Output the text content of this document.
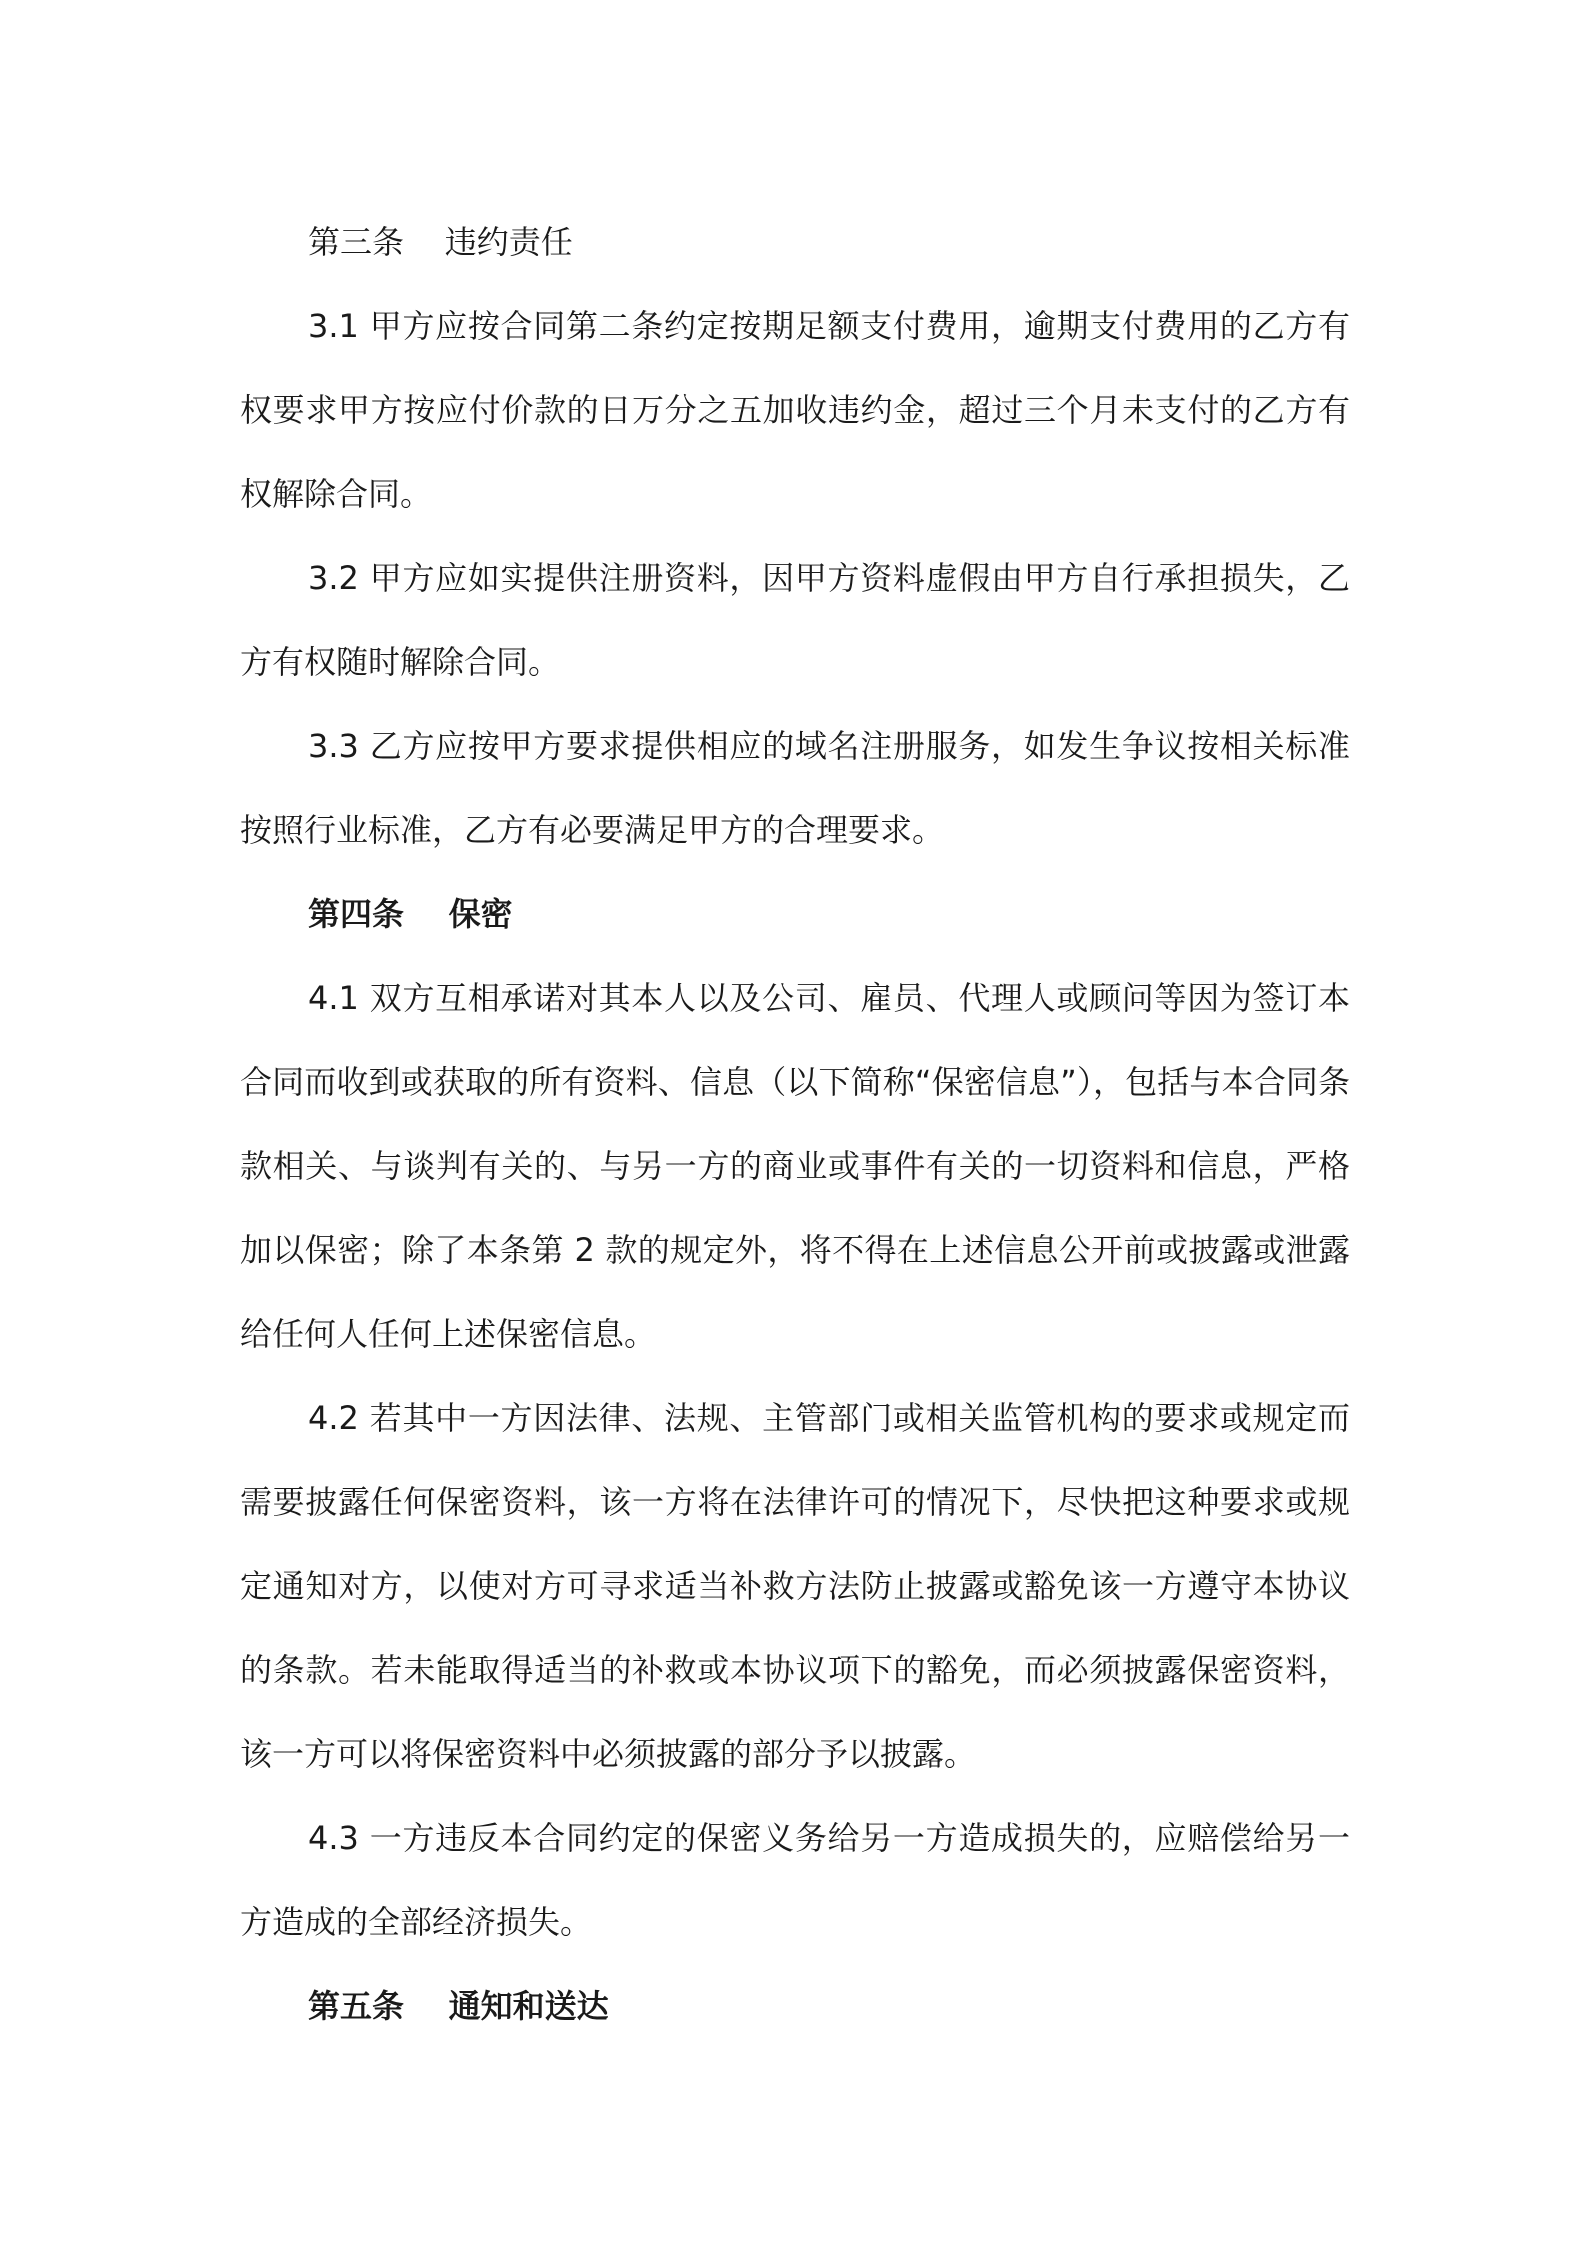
第三条    违约责任

3.1 甲方应按合同第二条约定按期足额支付费用，逾期支付费用的乙方有权要求甲方按应付价款的日万分之五加收违约金，超过三个月未支付的乙方有权解除合同。

3.2 甲方应如实提供注册资料，因甲方资料虚假由甲方自行承担损失，乙方有权随时解除合同。

3.3 乙方应按甲方要求提供相应的域名注册服务，如发生争议按相关标准按照行业标准，乙方有必要满足甲方的合理要求。

第四条    保密

4.1 双方互相承诺对其本人以及公司、雇员、代理人或顾问等因为签订本合同而收到或获取的所有资料、信息（以下简称“保密信息”），包括与本合同条款相关、与谈判有关的、与另一方的商业或事件有关的一切资料和信息，严格加以保密；除了本条第 2 款的规定外，将不得在上述信息公开前或披露或泄露给任何人任何上述保密信息。

4.2 若其中一方因法律、法规、主管部门或相关监管机构的要求或规定而需要披露任何保密资料，该一方将在法律许可的情况下，尽快把这种要求或规定通知对方，以使对方可寻求适当补救方法防止披露或豁免该一方遵守本协议的条款。若未能取得适当的补救或本协议项下的豁免，而必须披露保密资料，该一方可以将保密资料中必须披露的部分予以披露。

4.3 一方违反本合同约定的保密义务给另一方造成损失的，应赔偿给另一方造成的全部经济损失。

第五条    通知和送达
